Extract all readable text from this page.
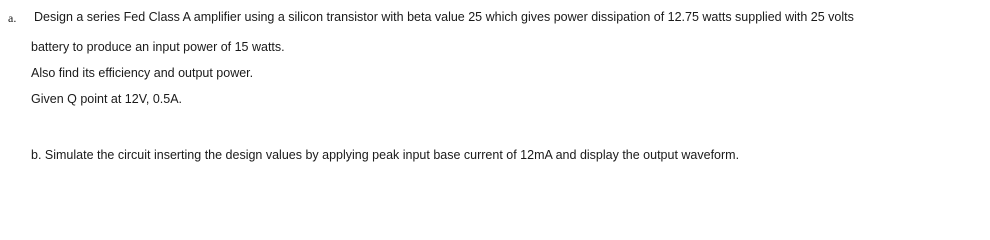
a. Design a series Fed Class A amplifier using a silicon transistor with beta value 25 which gives power dissipation of 12.75 watts supplied with 25 volts
battery to produce an input power of 15 watts.
Also find its efficiency and output power.
Given Q point at 12V, 0.5A.
b. Simulate the circuit inserting the design values by applying peak input base current of 12mA and display the output waveform.
